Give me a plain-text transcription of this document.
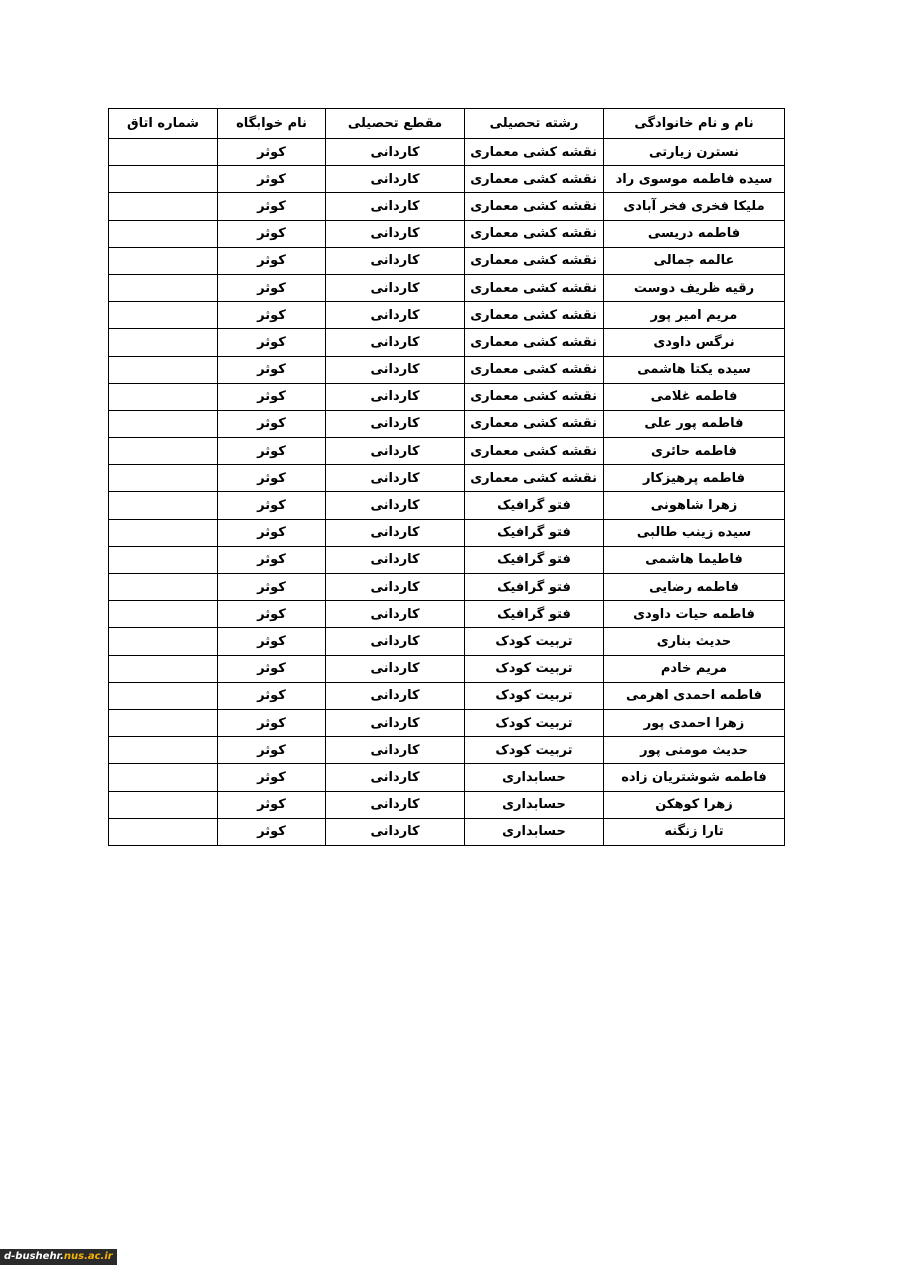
نام و نام خانوادگی	رشته تحصیلی	مقطع تحصیلی	نام خوابگاه	شماره اتاق
نسترن زیارتی	نقشه کشی معماری	کاردانی	کوثر	
سیده فاطمه موسوی راد	نقشه کشی معماری	کاردانی	کوثر	
ملیکا فخری فخر آبادی	نقشه کشی معماری	کاردانی	کوثر	
فاطمه دریسی	نقشه کشی معماری	کاردانی	کوثر	
عالمه جمالی	نقشه کشی معماری	کاردانی	کوثر	
رقیه ظریف دوست	نقشه کشی معماری	کاردانی	کوثر	
مریم امیر پور	نقشه کشی معماری	کاردانی	کوثر	
نرگس داودی	نقشه کشی معماری	کاردانی	کوثر	
سیده یکتا هاشمی	نقشه کشی معماری	کاردانی	کوثر	
فاطمه غلامی	نقشه کشی معماری	کاردانی	کوثر	
فاطمه پور علی	نقشه کشی معماری	کاردانی	کوثر	
فاطمه حائری	نقشه کشی معماری	کاردانی	کوثر	
فاطمه پرهیزکار	نقشه کشی معماری	کاردانی	کوثر	
زهرا شاهونی	فتو گرافیک	کاردانی	کوثر	
سیده زینب طالبی	فتو گرافیک	کاردانی	کوثر	
فاطیما هاشمی	فتو گرافیک	کاردانی	کوثر	
فاطمه رضایی	فتو گرافیک	کاردانی	کوثر	
فاطمه حیات داودی	فتو گرافیک	کاردانی	کوثر	
حدیث بناری	تربیت کودک	کاردانی	کوثر	
مریم خادم	تربیت کودک	کاردانی	کوثر	
فاطمه احمدی اهرمی	تربیت کودک	کاردانی	کوثر	
زهرا احمدی پور	تربیت کودک	کاردانی	کوثر	
حدیث مومنی پور	تربیت کودک	کاردانی	کوثر	
فاطمه شوشتریان زاده	حسابداری	کاردانی	کوثر	
زهرا کوهکن	حسابداری	کاردانی	کوثر	
تارا زنگنه	حسابداری	کاردانی	کوثر	
d-bushehr.nus.ac.ir
